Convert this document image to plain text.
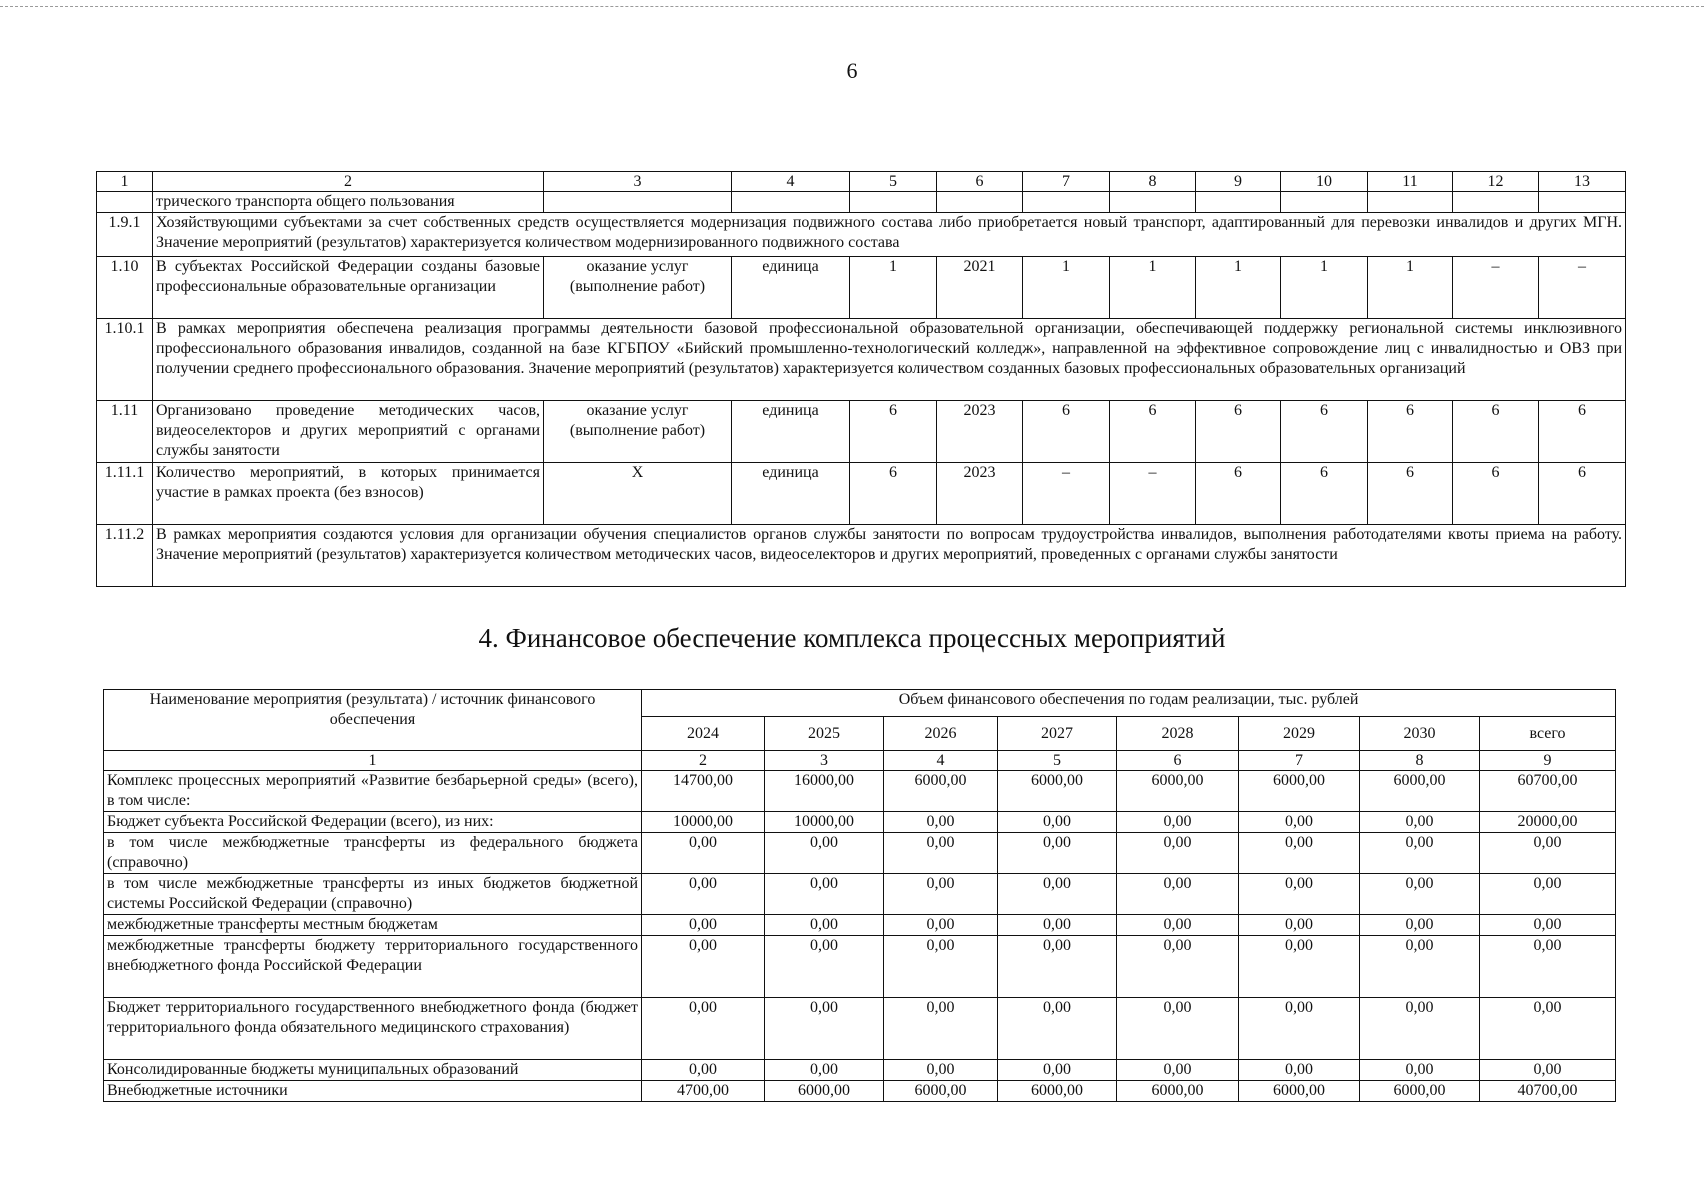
6
1	2	3	4	5	6	7	8	9	10	11	12	13
	трического транспорта общего пользования											
1.9.1	Хозяйствующими субъектами за счет собственных средств осуществляется модернизация подвижного состава либо приобретается новый транспорт, адаптированный для перевозки инвалидов и других МГН. Значение мероприятий (результатов) характеризуется количеством модернизированного подвижного состава											
1.10	В субъектах Российской Федерации созданы базовые профессиональные образовательные организации	оказание услуг (выполнение работ)	единица	1	2021	1	1	1	1	1	–	–
1.10.1	В рамках мероприятия обеспечена реализация программы деятельности базовой профессиональной образовательной организации, обеспечивающей поддержку региональной системы инклюзивного профессионального образования инвалидов, созданной на базе КГБПОУ «Бийский промышленно-технологический колледж», направленной на эффективное сопровождение лиц с инвалидностью и ОВЗ при получении среднего профессионального образования. Значение мероприятий (результатов) характеризуется количеством созданных базовых профессиональных образовательных организаций											
1.11	Организовано проведение методических часов, видеоселекторов и других мероприятий с органами службы занятости	оказание услуг (выполнение работ)	единица	6	2023	6	6	6	6	6	6	6
1.11.1	Количество мероприятий, в которых принимается участие в рамках проекта (без взносов)	Х	единица	6	2023	–	–	6	6	6	6	6
1.11.2	В рамках мероприятия создаются условия для организации обучения специалистов органов службы занятости по вопросам трудоустройства инвалидов, выполнения работодателями квоты приема на работу. Значение мероприятий (результатов) характеризуется количеством методических часов, видеоселекторов и других мероприятий, проведенных с органами службы занятости											
4. Финансовое обеспечение комплекса процессных мероприятий
Наименование мероприятия (результата) / источник финансового обеспечения	Объем финансового обеспечения по годам реализации, тыс. рублей							
	2024	2025	2026	2027	2028	2029	2030	всего
1	2	3	4	5	6	7	8	9
Комплекс процессных мероприятий «Развитие безбарьерной среды» (всего), в том числе:	14700,00	16000,00	6000,00	6000,00	6000,00	6000,00	6000,00	60700,00
Бюджет субъекта Российской Федерации (всего), из них:	10000,00	10000,00	0,00	0,00	0,00	0,00	0,00	20000,00
в том числе межбюджетные трансферты из федерального бюджета (справочно)	0,00	0,00	0,00	0,00	0,00	0,00	0,00	0,00
в том числе межбюджетные трансферты из иных бюджетов бюджетной системы Российской Федерации (справочно)	0,00	0,00	0,00	0,00	0,00	0,00	0,00	0,00
межбюджетные трансферты местным бюджетам	0,00	0,00	0,00	0,00	0,00	0,00	0,00	0,00
межбюджетные трансферты бюджету территориального государственного внебюджетного фонда Российской Федерации	0,00	0,00	0,00	0,00	0,00	0,00	0,00	0,00
Бюджет территориального государственного внебюджетного фонда (бюджет территориального фонда обязательного медицинского страхования)	0,00	0,00	0,00	0,00	0,00	0,00	0,00	0,00
Консолидированные бюджеты муниципальных образований	0,00	0,00	0,00	0,00	0,00	0,00	0,00	0,00
Внебюджетные источники	4700,00	6000,00	6000,00	6000,00	6000,00	6000,00	6000,00	40700,00
